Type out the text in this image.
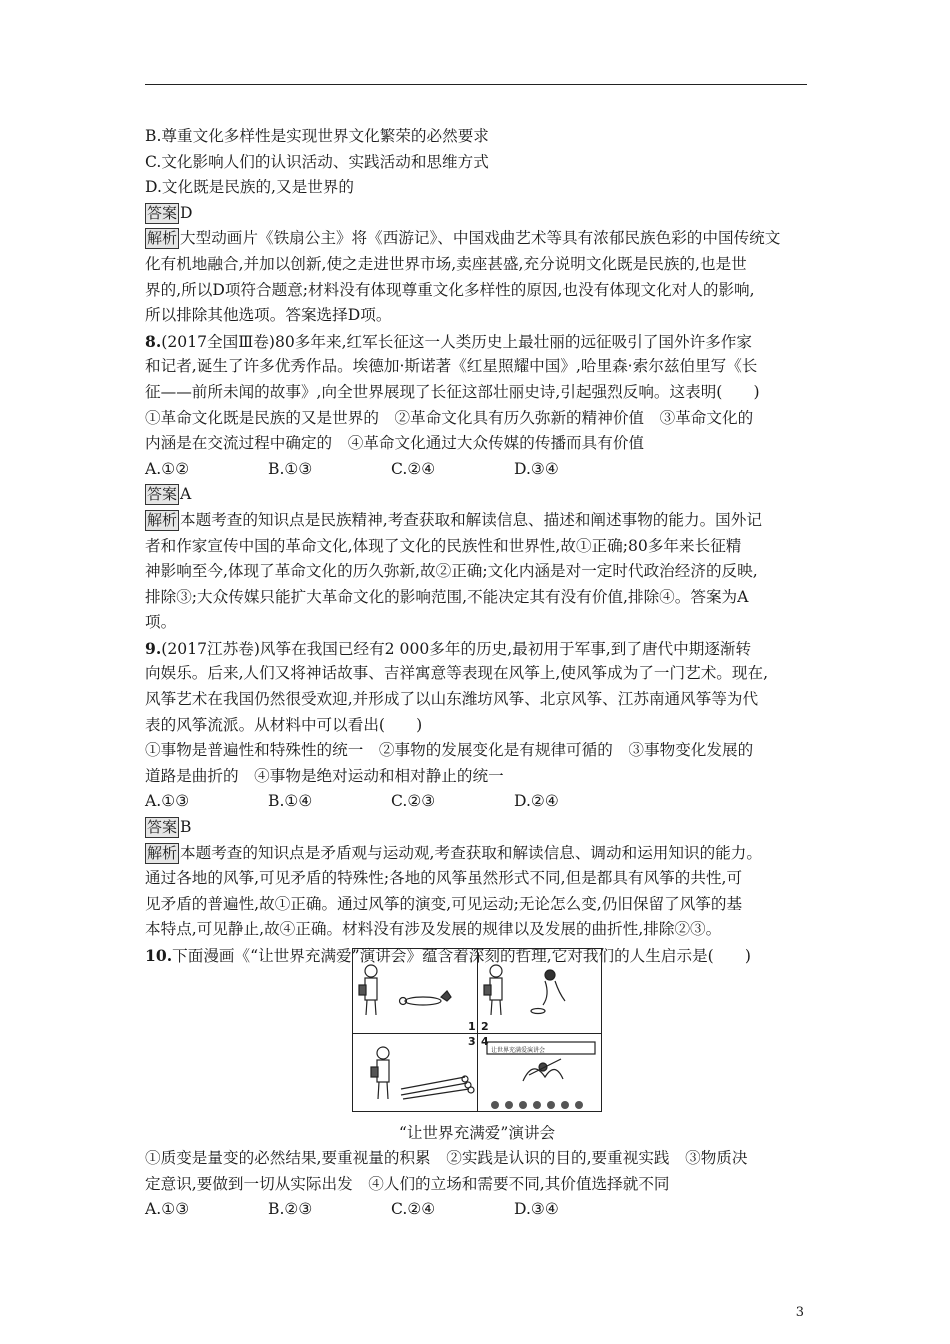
B.尊重文化多样性是实现世界文化繁荣的必然要求
C.文化影响人们的认识活动、实践活动和思维方式
D.文化既是民族的,又是世界的
答案 D
解析 大型动画片《铁扇公主》将《西游记》、中国戏曲艺术等具有浓郁民族色彩的中国传统文
化有机地融合,并加以创新,使之走进世界市场,卖座甚盛,充分说明文化既是民族的,也是世
界的,所以D项符合题意;材料没有体现尊重文化多样性的原因,也没有体现文化对人的影响,
所以排除其他选项。答案选择D项。
8.(2017全国Ⅲ卷)80多年来,红军长征这一人类历史上最壮丽的远征吸引了国外许多作家
和记者,诞生了许多优秀作品。埃德加·斯诺著《红星照耀中国》,哈里森·索尔兹伯里写《长
征——前所未闻的故事》,向全世界展现了长征这部壮丽史诗,引起强烈反响。这表明(　　)
①革命文化既是民族的又是世界的　②革命文化具有历久弥新的精神价值　③革命文化的
内涵是在交流过程中确定的　④革命文化通过大众传媒的传播而具有价值
A.①②	B.①③	C.②④	D.③④
答案 A
解析 本题考查的知识点是民族精神,考查获取和解读信息、描述和阐述事物的能力。国外记
者和作家宣传中国的革命文化,体现了文化的民族性和世界性,故①正确;80多年来长征精
神影响至今,体现了革命文化的历久弥新,故②正确;文化内涵是对一定时代政治经济的反映,
排除③;大众传媒只能扩大革命文化的影响范围,不能决定其有没有价值,排除④。答案为A
项。
9.(2017江苏卷)风筝在我国已经有2 000多年的历史,最初用于军事,到了唐代中期逐渐转
向娱乐。后来,人们又将神话故事、吉祥寓意等表现在风筝上,使风筝成为了一门艺术。现在,
风筝艺术在我国仍然很受欢迎,并形成了以山东潍坊风筝、北京风筝、江苏南通风筝等为代
表的风筝流派。从材料中可以看出(　　)
①事物是普遍性和特殊性的统一　②事物的发展变化是有规律可循的　③事物变化发展的
道路是曲折的　④事物是绝对运动和相对静止的统一
A.①③	B.①④	C.②③	D.②④
答案 B
解析 本题考查的知识点是矛盾观与运动观,考查获取和解读信息、调动和运用知识的能力。
通过各地的风筝,可见矛盾的特殊性;各地的风筝虽然形式不同,但是都具有风筝的共性,可
见矛盾的普遍性,故①正确。通过风筝的演变,可见运动;无论怎么变,仍旧保留了风筝的基
本特点,可见静止,故④正确。材料没有涉及发展的规律以及发展的曲折性,排除②③。
10.下面漫画《“让世界充满爱”演讲会》蕴含着深刻的哲理,它对我们的人生启示是(　　)
让世界充满爱演讲会
1 2
3 4
“让世界充满爱”演讲会
①质变是量变的必然结果,要重视量的积累　②实践是认识的目的,要重视实践　③物质决
定意识,要做到一切从实际出发　④人们的立场和需要不同,其价值选择就不同
A.①③	B.②③	C.②④	D.③④
3
